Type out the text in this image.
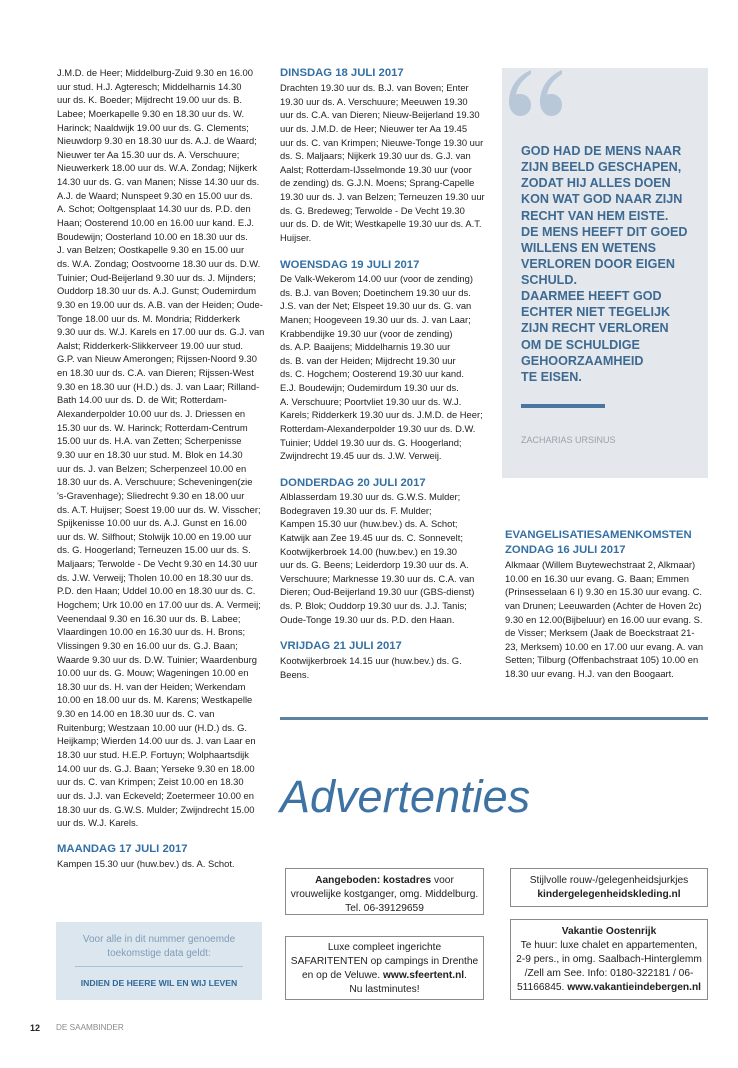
J.M.D. de Heer; Middelburg-Zuid 9.30 en 16.00
uur stud. H.J. Agteresch; Middelharnis 14.30
uur ds. K. Boeder; Mijdrecht 19.00 uur ds. B.
Labee; Moerkapelle 9.30 en 18.30 uur ds. W.
Harinck; Naaldwijk 19.00 uur ds. G. Clements;
Nieuwdorp 9.30 en 18.30 uur ds. A.J. de Waard;
Nieuwer ter Aa 15.30 uur ds. A. Verschuure;
Nieuwerkerk 18.00 uur ds. W.A. Zondag; Nijkerk
14.30 uur ds. G. van Manen; Nisse 14.30 uur ds.
A.J. de Waard; Nunspeet 9.30 en 15.00 uur ds.
A. Schot; Ooltgensplaat 14.30 uur ds. P.D. den
Haan; Oosterend 10.00 en 16.00 uur kand. E.J.
Boudewijn; Oosterland 10.00 en 18.30 uur ds.
J. van Belzen; Oostkapelle 9.30 en 15.00 uur
ds. W.A. Zondag; Oostvoorne 18.30 uur ds. D.W.
Tuinier; Oud-Beijerland 9.30 uur ds. J. Mijnders;
Ouddorp 18.30 uur ds. A.J. Gunst; Oudemirdum
9.30 en 19.00 uur ds. A.B. van der Heiden; Oude-
Tonge 18.00 uur ds. M. Mondria; Ridderkerk
9.30 uur ds. W.J. Karels en 17.00 uur ds. G.J. van
Aalst; Ridderkerk-Slikkerveer 19.00 uur stud.
G.P. van Nieuw Amerongen; Rijssen-Noord 9.30
en 18.30 uur ds. C.A. van Dieren; Rijssen-West
9.30 en 18.30 uur (H.D.) ds. J. van Laar; Rilland-
Bath 14.00 uur ds. D. de Wit; Rotterdam-
Alexanderpolder 10.00 uur ds. J. Driessen en
15.30 uur ds. W. Harinck; Rotterdam-Centrum
15.00 uur ds. H.A. van Zetten; Scherpenisse
9.30 uur en 18.30 uur stud. M. Blok en 14.30
uur ds. J. van Belzen; Scherpenzeel 10.00 en
18.30 uur ds. A. Verschuure; Scheveningen(zie
's-Gravenhage); Sliedrecht 9.30 en 18.00 uur
ds. A.T. Huijser; Soest 19.00 uur ds. W. Visscher;
Spijkenisse 10.00 uur ds. A.J. Gunst en 16.00
uur ds. W. Silfhout; Stolwijk 10.00 en 19.00 uur
ds. G. Hoogerland; Terneuzen 15.00 uur ds. S.
Maljaars; Terwolde - De Vecht 9.30 en 14.30 uur
ds. J.W. Verweij; Tholen 10.00 en 18.30 uur ds.
P.D. den Haan; Uddel 10.00 en 18.30 uur ds. C.
Hogchem; Urk 10.00 en 17.00 uur ds. A. Vermeij;
Veenendaal 9.30 en 16.30 uur ds. B. Labee;
Vlaardingen 10.00 en 16.30 uur ds. H. Brons;
Vlissingen 9.30 en 16.00 uur ds. G.J. Baan;
Waarde 9.30 uur ds. D.W. Tuinier; Waardenburg
10.00 uur ds. G. Mouw; Wageningen 10.00 en
18.30 uur ds. H. van der Heiden; Werkendam
10.00 en 18.00 uur ds. M. Karens; Westkapelle
9.30 en 14.00 en 18.30 uur ds. C. van
Ruitenburg; Westzaan 10.00 uur (H.D.) ds. G.
Heijkamp; Wierden 14.00 uur ds. J. van Laar en
18.30 uur stud. H.E.P. Fortuyn; Wolphaartsdijk
14.00 uur ds. G.J. Baan; Yerseke 9.30 en 18.00
uur ds. C. van Krimpen; Zeist 10.00 en 18.30
uur ds. J.J. van Eckeveld; Zoetermeer 10.00 en
18.30 uur ds. G.W.S. Mulder; Zwijndrecht 15.00
uur ds. W.J. Karels.
MAANDAG 17 JULI 2017
Kampen 15.30 uur (huw.bev.) ds. A. Schot.
Voor alle in dit nummer genoemde
toekomstige data geldt:
INDIEN DE HEERE WIL EN WIJ LEVEN
DINSDAG 18 JULI 2017
Drachten 19.30 uur ds. B.J. van Boven; Enter
19.30 uur ds. A. Verschuure; Meeuwen 19.30
uur ds. C.A. van Dieren; Nieuw-Beijerland 19.30
uur ds. J.M.D. de Heer; Nieuwer ter Aa 19.45
uur ds. C. van Krimpen; Nieuwe-Tonge 19.30 uur
ds. S. Maljaars; Nijkerk 19.30 uur ds. G.J. van
Aalst; Rotterdam-IJsselmonde 19.30 uur (voor
de zending) ds. G.J.N. Moens; Sprang-Capelle
19.30 uur ds. J. van Belzen; Terneuzen 19.30 uur
ds. G. Bredeweg; Terwolde - De Vecht 19.30
uur ds. D. de Wit; Westkapelle 19.30 uur ds. A.T.
Huijser.
WOENSDAG 19 JULI 2017
De Valk-Wekerom 14.00 uur (voor de zending)
ds. B.J. van Boven; Doetinchem 19.30 uur ds.
J.S. van der Net; Elspeet 19.30 uur ds. G. van
Manen; Hoogeveen 19.30 uur ds. J. van Laar;
Krabbendijke 19.30 uur (voor de zending)
ds. A.P. Baaijens; Middelharnis 19.30 uur
ds. B. van der Heiden; Mijdrecht 19.30 uur
ds. C. Hogchem; Oosterend 19.30 uur kand.
E.J. Boudewijn; Oudemirdum 19.30 uur ds.
A. Verschuure; Poortvliet 19.30 uur ds. W.J.
Karels; Ridderkerk 19.30 uur ds. J.M.D. de Heer;
Rotterdam-Alexanderpolder 19.30 uur ds. D.W.
Tuinier; Uddel 19.30 uur ds. G. Hoogerland;
Zwijndrecht 19.45 uur ds. J.W. Verweij.
DONDERDAG 20 JULI 2017
Alblasserdam 19.30 uur ds. G.W.S. Mulder;
Bodegraven 19.30 uur ds. F. Mulder;
Kampen 15.30 uur (huw.bev.) ds. A. Schot;
Katwijk aan Zee 19.45 uur ds. C. Sonnevelt;
Kootwijkerbroek 14.00 (huw.bev.) en 19.30
uur ds. G. Beens; Leiderdorp 19.30 uur ds. A.
Verschuure; Marknesse 19.30 uur ds. C.A. van
Dieren; Oud-Beijerland 19.30 uur (GBS-dienst)
ds. P. Blok; Ouddorp 19.30 uur ds. J.J. Tanis;
Oude-Tonge 19.30 uur ds. P.D. den Haan.
VRIJDAG 21 JULI 2017
Kootwijkerbroek 14.15 uur (huw.bev.) ds. G.
Beens.
GOD HAD DE MENS NAAR
ZIJN BEELD GESCHAPEN,
ZODAT HIJ ALLES DOEN
KON WAT GOD NAAR ZIJN
RECHT VAN HEM EISTE.
DE MENS HEEFT DIT GOED
WILLENS EN WETENS
VERLOREN DOOR EIGEN
SCHULD.
DAARMEE HEEFT GOD
ECHTER NIET TEGELIJK
ZIJN RECHT VERLOREN
OM DE SCHULDIGE
GEHOORZAAMHEID
TE EISEN.
ZACHARIAS URSINUS
EVANGELISATIESAMENKOMSTEN
ZONDAG 16 JULI 2017
Alkmaar (Willem Buytewechstraat 2, Alkmaar)
10.00 en 16.30 uur evang. G. Baan; Emmen
(Prinsesselaan 6 I) 9.30 en 15.30 uur evang. C.
van Drunen; Leeuwarden (Achter de Hoven 2c)
9.30 en 12.00(Bijbeluur) en 16.00 uur evang. S.
de Visser; Merksem (Jaak de Boeckstraat 21-
23, Merksem) 10.00 en 17.00 uur evang. A. van
Setten; Tilburg (Offenbachstraat 105) 10.00 en
18.30 uur evang. H.J. van den Boogaart.
Advertenties
Aangeboden: kostadres voor
vrouwelijke kostganger, omg. Middelburg.
Tel. 06-39129659
Stijlvolle rouw-/gelegenheidsjurkjes
kindergelegenheidskleding.nl
Luxe compleet ingerichte
SAFARITENTEN op campings in Drenthe
en op de Veluwe. www.sfeertent.nl.
Nu lastminutes!
Vakantie Oostenrijk
Te huur: luxe chalet en appartementen,
2-9 pers., in omg. Saalbach-Hinterglemm
/Zell am See. Info: 0180-322181 / 06-
51166845. www.vakantieindebergen.nl
12 DE SAAMBINDER
